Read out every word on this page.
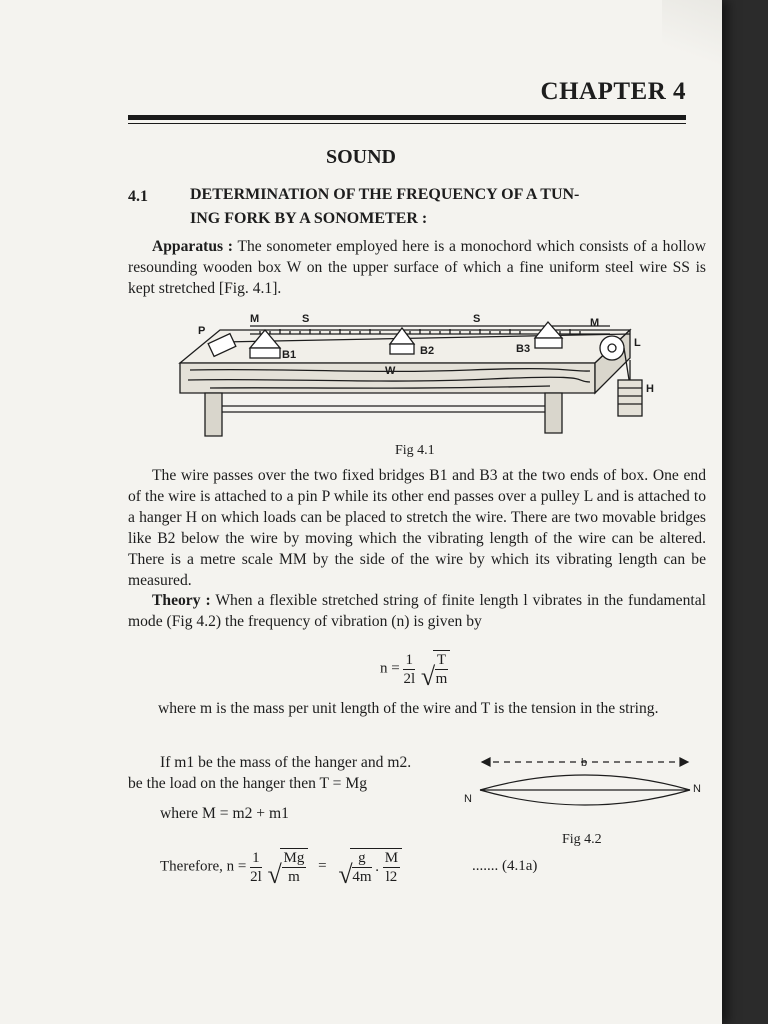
CHAPTER 4
SOUND
4.1	DETERMINATION OF THE FREQUENCY OF A TUN-
ING FORK BY A SONOMETER :
Apparatus : The sonometer employed here is a monochord which consists of a hollow resounding wooden box W on the upper surface of which a fine uniform steel wire SS is kept stretched [Fig. 4.1].
P
M	S	S	M
B1	B2	B3
W
L
H
Fig 4.1
The wire passes over the two fixed bridges B1 and B3 at the two ends of box. One end of the wire is attached to a pin P while its other end passes over a pulley L and is attached to a hanger H on which loads can be placed to stretch the wire. There are two movable bridges like B2 below the wire by moving which the vibrating length of the wire can be altered. There is a metre scale MM by the side of the wire by which its vibrating length can be measured.
Theory : When a flexible stretched string of finite length l vibrates in the fundamental mode (Fig 4.2) the frequency of vibration (n) is given by
$n = \frac{1}{2l}$
√ $\frac{T}{m}$
where m is the mass per unit length of the wire and T is the tension in the string.
If m1 be the mass of the hanger and m2.
be the load on the hanger then T = Mg
where M = m2 + m1
N
N
b
Fig 4.2
Therefore, $n = \frac{1}{2l}$
√ $\frac{Mg}{m}$ = √ $\frac{g}{4m}$ . $\frac{M}{l2}$	....... (4.1a)
